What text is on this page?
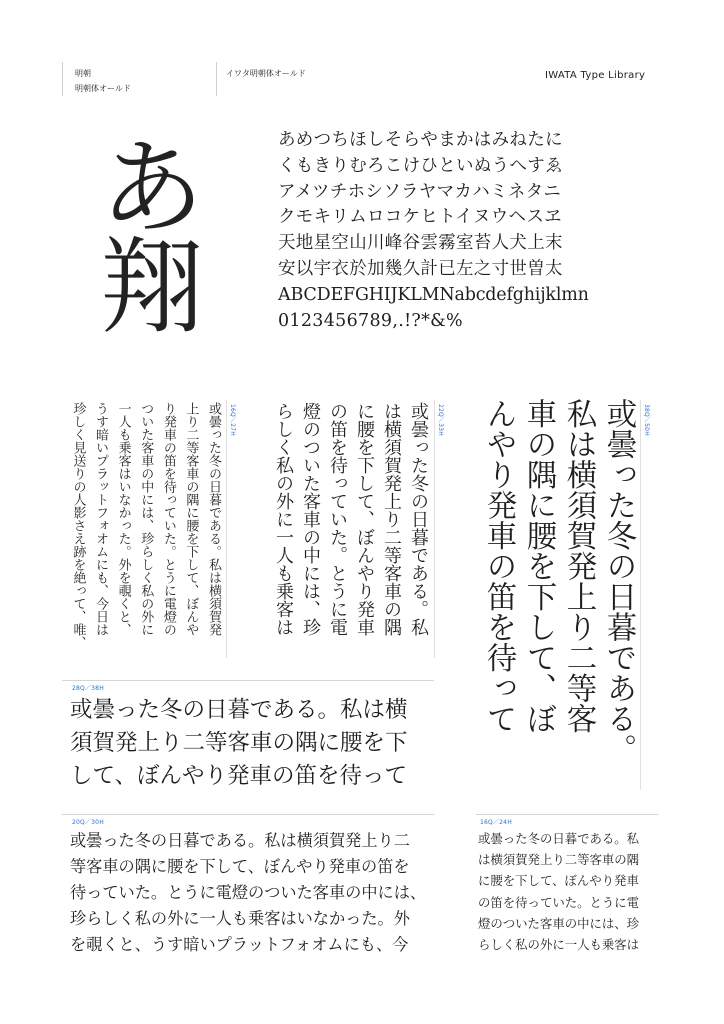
明朝
明朝体オールド
イワタ明朝体オールド	IWATA Type Library
あ
翔
あめつちほしそらやまかはみねたに
くもきりむろこけひといぬうへすゑ
アメツチホシソラヤマカハミネタニ
クモキリムロコケヒトイヌウヘスヱ
天地星空山川峰谷雲霧室苔人犬上末
安以宇衣於加幾久計已左之寸世曽太
ABCDEFGHIJKLMNabcdefghijklmn
0123456789,.!?*&%
38Q／50H
或曇った冬の日暮である。
私は横須賀発上り二等客
車の隅に腰を下して、ぼ
んやり発車の笛を待って
22Q／33H
或曇った冬の日暮である。私
は横須賀発上り二等客車の隅
に腰を下して、ぼんやり発車
の笛を待っていた。とうに電
燈のついた客車の中には、珍
らしく私の外に一人も乗客は
16Q／27H
或曇った冬の日暮である。私は横須賀発
上り二等客車の隅に腰を下して、ぼんや
り発車の笛を待っていた。とうに電燈の
ついた客車の中には、珍らしく私の外に
一人も乗客はいなかった。外を覗くと、
うす暗いプラットフォオムにも、今日は
珍しく見送りの人影さえ跡を絶って、唯、
28Q／38H
或曇った冬の日暮である。私は横
須賀発上り二等客車の隅に腰を下
して、ぼんやり発車の笛を待って
20Q／30H
或曇った冬の日暮である。私は横須賀発上り二
等客車の隅に腰を下して、ぼんやり発車の笛を
待っていた。とうに電燈のついた客車の中には、
珍らしく私の外に一人も乗客はいなかった。外
を覗くと、うす暗いプラットフォオムにも、今
16Q／24H
或曇った冬の日暮である。私
は横須賀発上り二等客車の隅
に腰を下して、ぼんやり発車
の笛を待っていた。とうに電
燈のついた客車の中には、珍
らしく私の外に一人も乗客は
